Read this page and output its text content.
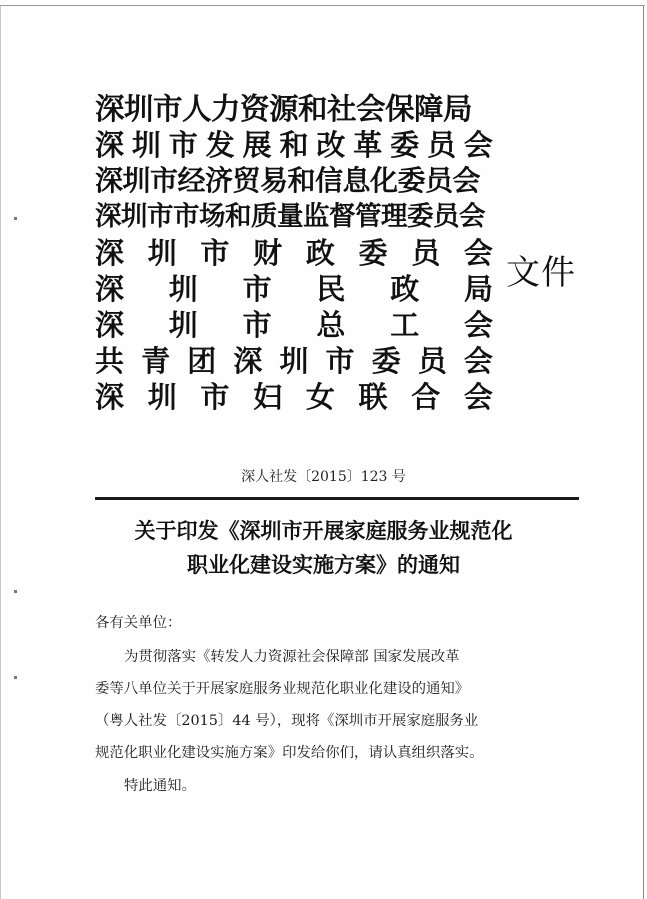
深圳市人力资源和社会保障局
深 圳 市 发 展 和 改 革 委 员 会
深圳市经济贸易和信息化委员会
深圳市市场和质量监督管理委员会
深 圳 市 财 政 委 员 会
深 圳 市 民 政 局
深 圳 市 总 工 会
共 青 团 深 圳 市 委 员 会
深 圳 市 妇 女 联 合 会
文件
深人社发〔2015〕123 号
关于印发《深圳市开展家庭服务业规范化
职业化建设实施方案》的通知
各有关单位：
为贯彻落实《转发人力资源社会保障部 国家发展改革
委等八单位关于开展家庭服务业规范化职业化建设的通知》
（粤人社发〔2015〕44 号），现将《深圳市开展家庭服务业
规范化职业化建设实施方案》印发给你们，请认真组织落实。
特此通知。
